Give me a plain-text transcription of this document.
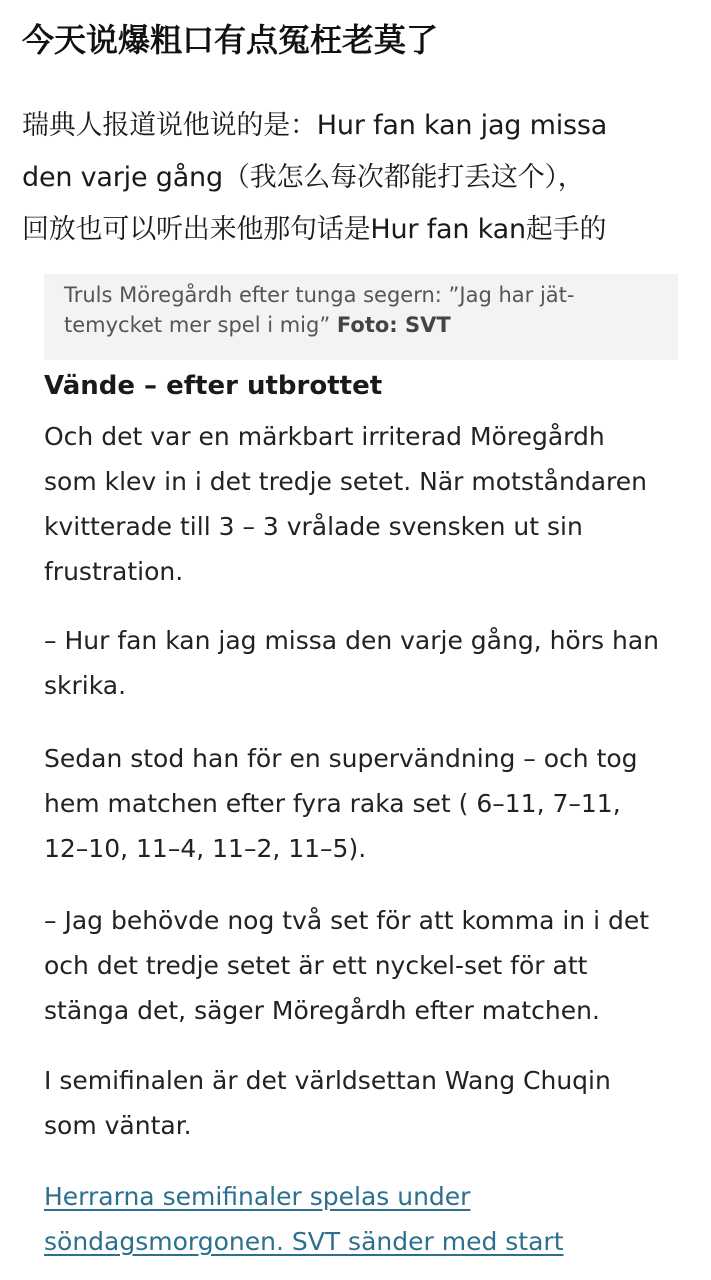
今天说爆粗口有点冤枉老莫了
瑞典人报道说他说的是：Hur fan kan jag missa
den varje gång（我怎么每次都能打丢这个），
回放也可以听出来他那句话是Hur fan kan起手的
Truls Möregårdh efter tunga segern: ”Jag har jät-
temycket mer spel i mig” Foto: SVT
Vände – efter utbrottet
Och det var en märkbart irriterad Möregårdh
som klev in i det tredje setet. När motståndaren
kvitterade till 3 – 3 vrålade svensken ut sin
frustration.
– Hur fan kan jag missa den varje gång, hörs han
skrika.
Sedan stod han för en supervändning – och tog
hem matchen efter fyra raka set ( 6–11, 7–11,
12–10, 11–4, 11–2, 11–5).
– Jag behövde nog två set för att komma in i det
och det tredje setet är ett nyckel-set för att
stänga det, säger Möregårdh efter matchen.
I semifinalen är det världsettan Wang Chuqin
som väntar.
Herrarna semifinaler spelas under
söndagsmorgonen. SVT sänder med start
